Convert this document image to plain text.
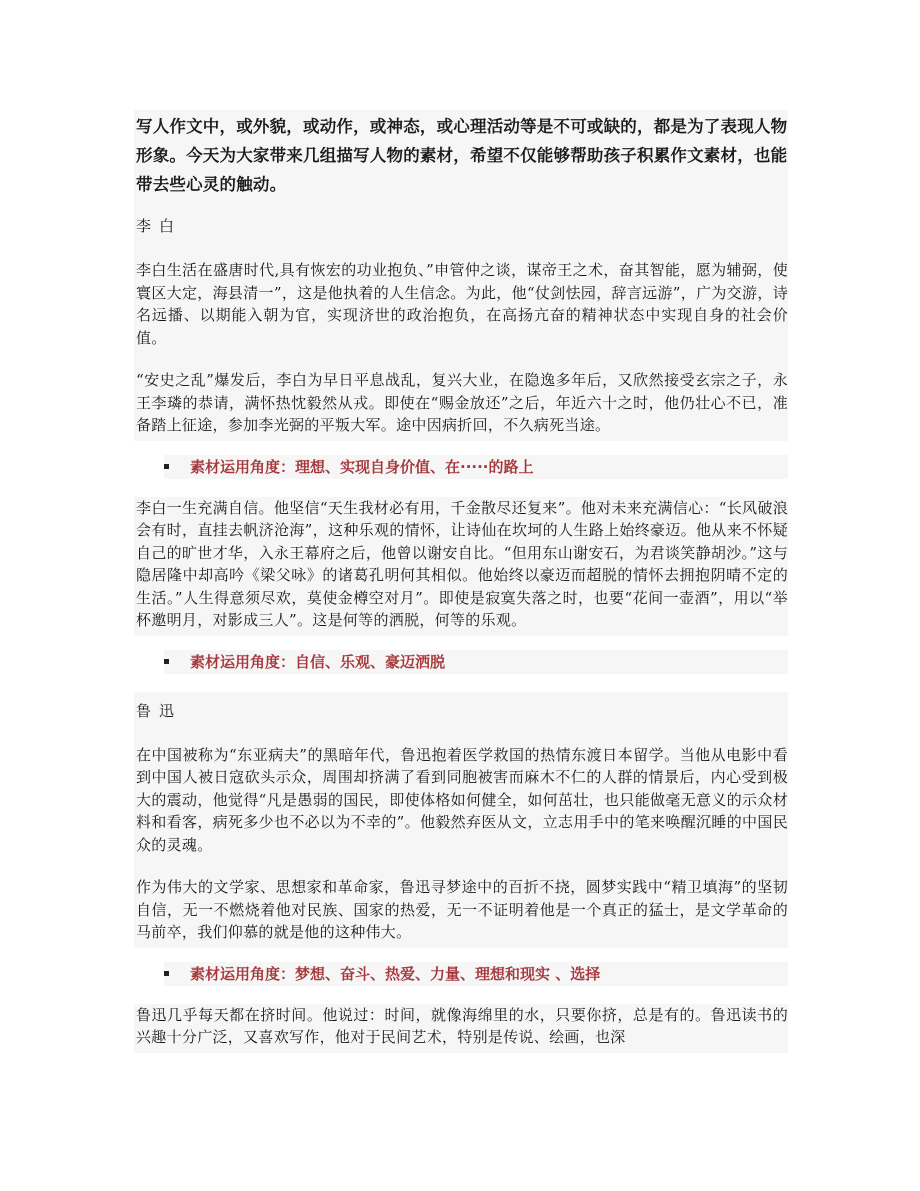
写人作文中，或外貌，或动作，或神态，或心理活动等是不可或缺的，都是为了表现人物形象。今天为大家带来几组描写人物的素材，希望不仅能够帮助孩子积累作文素材，也能带去些心灵的触动。
李白
李白生活在盛唐时代,具有恢宏的功业抱负、”申管仲之谈，谋帝王之术，奋其智能，愿为辅弼，使寰区大定，海县清一”，这是他执着的人生信念。为此，他“仗剑怯园，辞言远游”，广为交游，诗名远播、以期能入朝为官，实现济世的政治抱负，在高扬亢奋的精神状态中实现自身的社会价值。
“安史之乱”爆发后，李白为早日平息战乱，复兴大业，在隐逸多年后，又欣然接受玄宗之子，永王李璘的恭请，满怀热忱毅然从戎。即使在“赐金放还”之后，年近六十之时，他仍壮心不已，准备踏上征途，参加李光弼的平叛大军。途中因病折回，不久病死当途。
素材运用角度：理想、实现自身价值、在·····的路上
李白一生充满自信。他坚信“天生我材必有用，千金散尽还复来”。他对未来充满信心：“长风破浪会有时，直挂去帆济沧海”，这种乐观的情怀，让诗仙在坎坷的人生路上始终豪迈。他从来不怀疑自己的旷世才华，入永王幕府之后，他曾以谢安自比。“但用东山谢安石，为君谈笑静胡沙。”这与隐居隆中却高吟《梁父咏》的诸葛孔明何其相似。他始终以豪迈而超脱的情怀去拥抱阴晴不定的生活。”人生得意须尽欢，莫使金樽空对月”。即使是寂寞失落之时，也要“花间一壶酒”，用以“举杯邀明月，对影成三人”。这是何等的洒脱，何等的乐观。
素材运用角度：自信、乐观、豪迈洒脱
鲁迅
在中国被称为“东亚病夫”的黑暗年代，鲁迅抱着医学救国的热情东渡日本留学。当他从电影中看到中国人被日寇砍头示众，周围却挤满了看到同胞被害而麻木不仁的人群的情景后，内心受到极大的震动，他觉得“凡是愚弱的国民，即使体格如何健全，如何茁壮，也只能做毫无意义的示众材料和看客，病死多少也不必以为不幸的”。他毅然弃医从文，立志用手中的笔来唤醒沉睡的中国民众的灵魂。
作为伟大的文学家、思想家和革命家，鲁迅寻梦途中的百折不挠，圆梦实践中“精卫填海”的坚韧自信，无一不燃烧着他对民族、国家的热爱，无一不证明着他是一个真正的猛士，是文学革命的马前卒，我们仰慕的就是他的这种伟大。
素材运用角度：梦想、奋斗、热爱、力量、理想和现实 、选择
鲁迅几乎每天都在挤时间。他说过：时间，就像海绵里的水，只要你挤，总是有的。鲁迅读书的兴趣十分广泛，又喜欢写作，他对于民间艺术，特别是传说、绘画，也深
